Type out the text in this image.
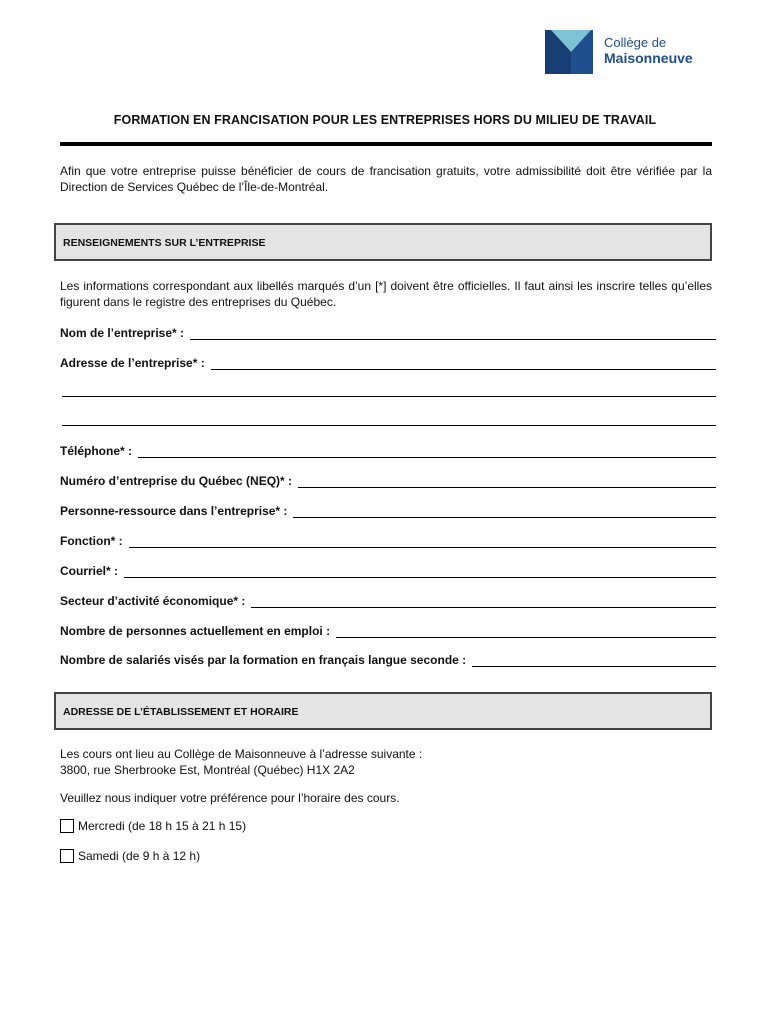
Collège de
Maisonneuve
FORMATION EN FRANCISATION POUR LES ENTREPRISES HORS DU MILIEU DE TRAVAIL
Afin que votre entreprise puisse bénéficier de cours de francisation gratuits, votre admissibilité doit être vérifiée par la Direction de Services Québec de l’Île-de-Montréal.
RENSEIGNEMENTS SUR L’ENTREPRISE
Les informations correspondant aux libellés marqués d’un [*] doivent être officielles. Il faut ainsi les inscrire telles qu’elles figurent dans le registre des entreprises du Québec.
Nom de l’entreprise* :
Adresse de l’entreprise* :
Téléphone* :
Numéro d’entreprise du Québec (NEQ)* :
Personne-ressource dans l’entreprise* :
Fonction* :
Courriel* :
Secteur d’activité économique* :
Nombre de personnes actuellement en emploi :
Nombre de salariés visés par la formation en français langue seconde :
ADRESSE DE L’ÉTABLISSEMENT ET HORAIRE
Les cours ont lieu au Collège de Maisonneuve à l’adresse suivante :
3800, rue Sherbrooke Est, Montréal (Québec) H1X 2A2
Veuillez nous indiquer votre préférence pour l’horaire des cours.
Mercredi (de 18 h 15 à 21 h 15)
Samedi (de 9 h à 12 h)
